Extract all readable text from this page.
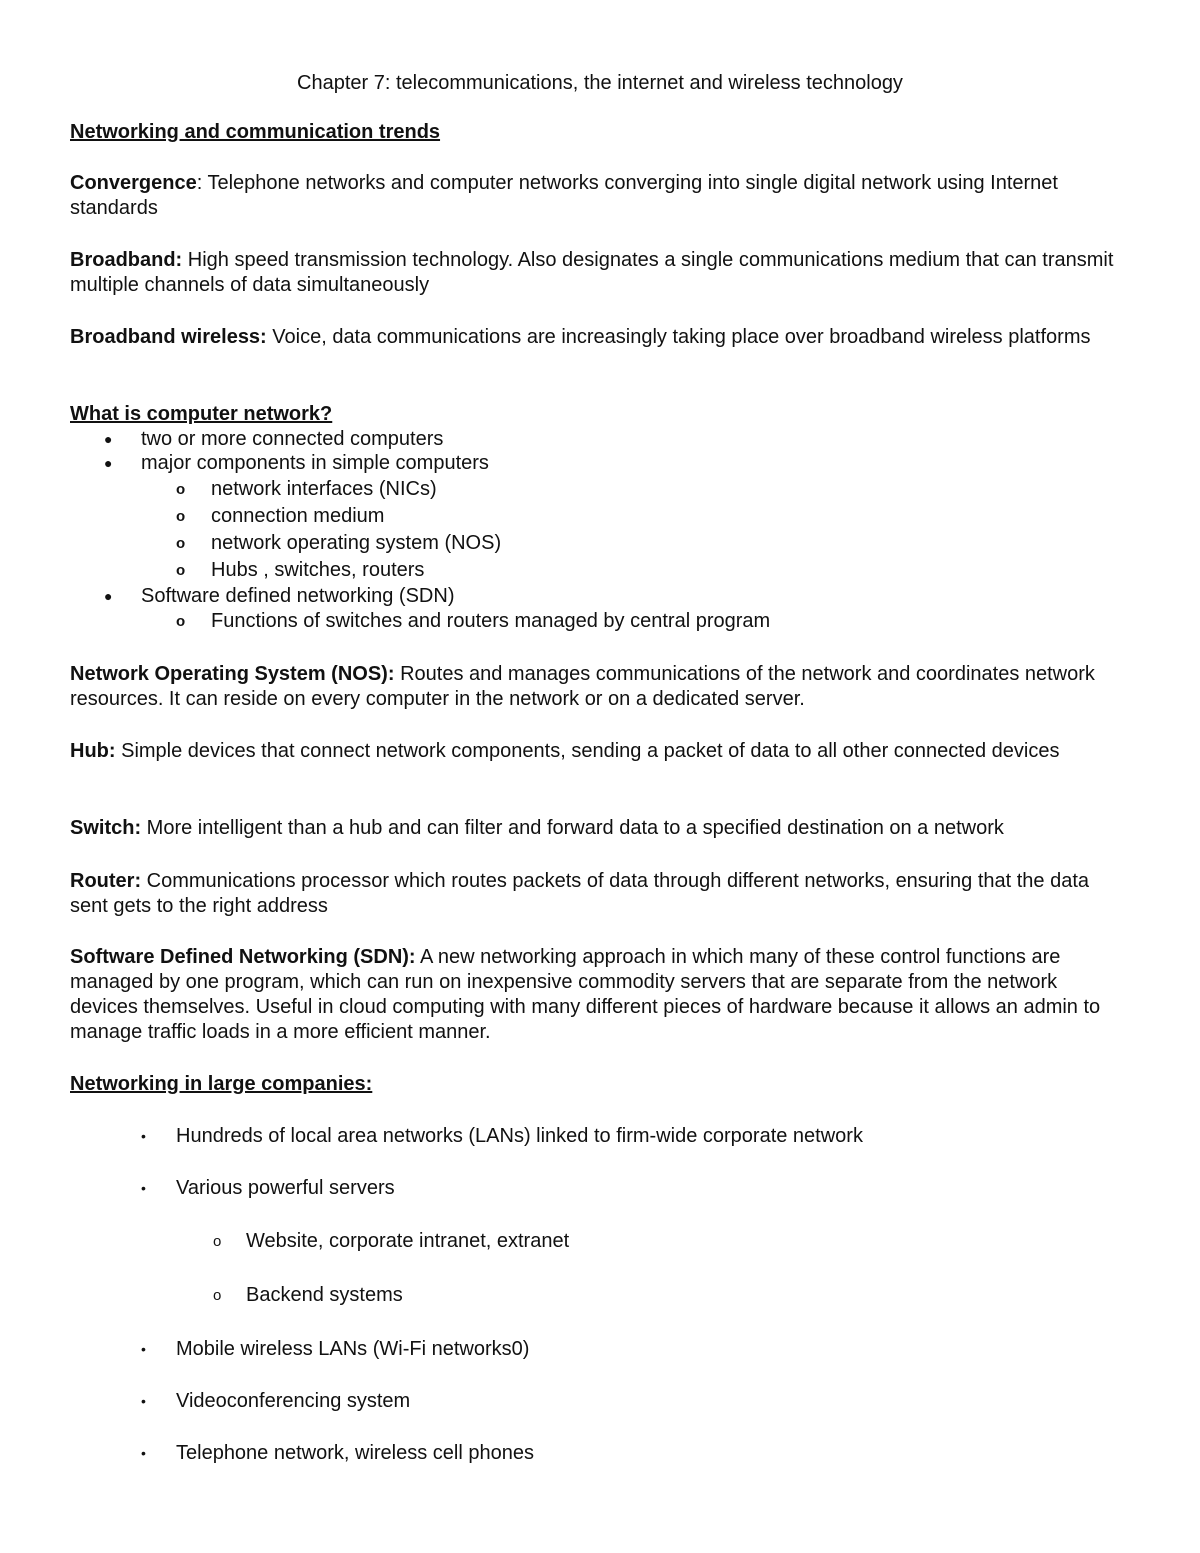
Chapter 7: telecommunications, the internet and wireless technology
Networking and communication trends
Convergence: Telephone networks and computer networks converging into single digital network using Internet standards
Broadband: High speed transmission technology. Also designates a single communications medium that can transmit multiple channels of data simultaneously
Broadband wireless: Voice, data communications are increasingly taking place over broadband wireless platforms
What is computer network?
● two or more connected computers
● major components in simple computers
o network interfaces (NICs)
o connection medium
o network operating system (NOS)
o Hubs , switches, routers
● Software defined networking (SDN)
o Functions of switches and routers managed by central program
Network Operating System (NOS): Routes and manages communications of the network and coordinates network resources. It can reside on every computer in the network or on a dedicated server.
Hub: Simple devices that connect network components, sending a packet of data to all other connected devices
Switch: More intelligent than a hub and can filter and forward data to a specified destination on a network
Router: Communications processor which routes packets of data through different networks, ensuring that the data sent gets to the right address
Software Defined Networking (SDN): A new networking approach in which many of these control functions are managed by one program, which can run on inexpensive commodity servers that are separate from the network devices themselves. Useful in cloud computing with many different pieces of hardware because it allows an admin to manage traffic loads in a more efficient manner.
Networking in large companies:
• Hundreds of local area networks (LANs) linked to firm-wide corporate network
• Various powerful servers
o Website, corporate intranet, extranet
o Backend systems
• Mobile wireless LANs (Wi-Fi networks0)
• Videoconferencing system
• Telephone network, wireless cell phones
